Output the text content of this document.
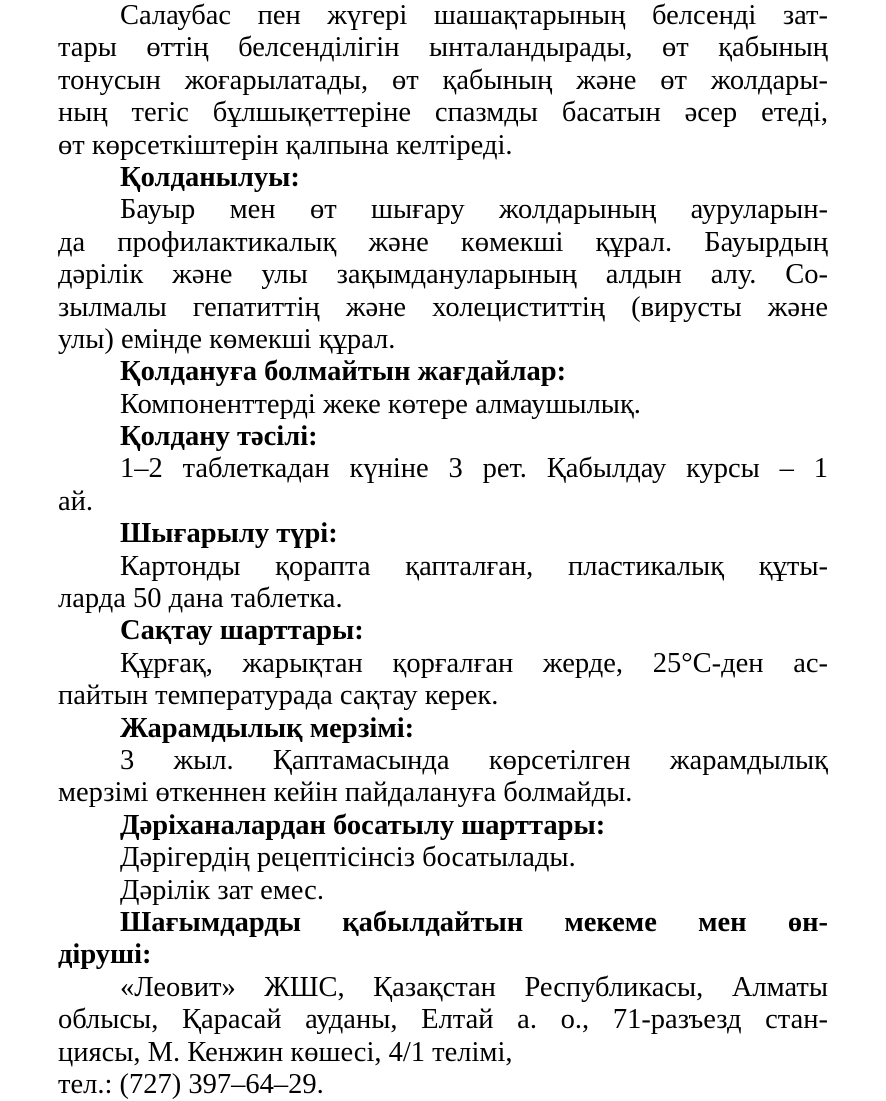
Салаубас пен жүгері шашақтарының белсенді зат-
тары өттің белсенділігін ынталандырады, өт қабының
тонусын жоғарылатады, өт қабының және өт жолдары-
ның тегіс бұлшықеттеріне спазмды басатын әсер етеді,
өт көрсеткіштерін қалпына келтіреді.
Қолданылуы:
Бауыр мен өт шығару жолдарының ауруларын-
да профилактикалық және көмекші құрал. Бауырдың
дәрілік және улы зақымдануларының алдын алу. Со-
зылмалы гепатиттің және холециститтің (вирусты және
улы) емінде көмекші құрал.
Қолдануға болмайтын жағдайлар:
Компоненттерді жеке көтере алмаушылық.
Қолдану тәсілі:
1–2 таблеткадан күніне 3 рет. Қабылдау курсы – 1
ай.
Шығарылу түрі:
Картонды қорапта қапталған, пластикалық құты-
ларда 50 дана таблетка.
Сақтау шарттары:
Құрғақ, жарықтан қорғалған жерде, 25°С-ден ас-
пайтын температурада сақтау керек.
Жарамдылық мерзімі:
3 жыл. Қаптамасында көрсетілген жарамдылық
мерзімі өткеннен кейін пайдалануға болмайды.
Дәріханалардан босатылу шарттары:
Дәрігердің рецептісінсіз босатылады.
Дәрілік зат емес.
Шағымдарды қабылдайтын мекеме мен өн-
діруші:
«Леовит» ЖШС, Қазақстан Республикасы, Алматы
облысы, Қарасай ауданы, Елтай а. о., 71-разъезд стан-
циясы, М. Кенжин көшесі, 4/1 телімі,
тел.: (727) 397–64–29.
